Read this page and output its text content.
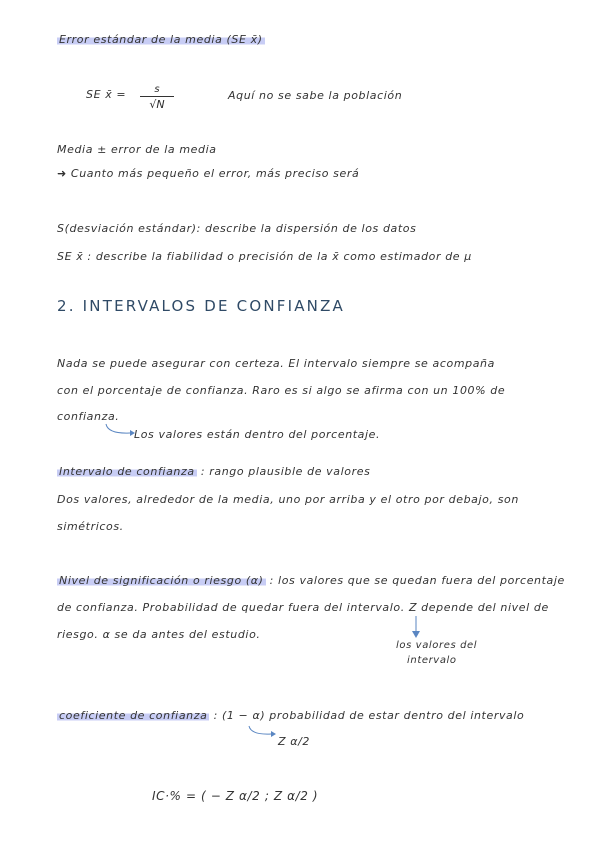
Error estándar de la media (SE x̄)
SE x̄ =	s
√N
Aquí no se sabe la población
Media ± error de la media
➜ Cuanto más pequeño el error, más preciso será
S(desviación estándar): describe la dispersión de los datos
SE x̄ : describe la fiabilidad o precisión de la x̄ como estimador de μ
2. INTERVALOS DE CONFIANZA
Nada se puede asegurar con certeza. El intervalo siempre se acompaña
con el porcentaje de confianza. Raro es si algo se afirma con un 100% de
confianza.
Los valores están dentro del porcentaje.
Intervalo de confianza : rango plausible de valores
Dos valores, alrededor de la media, uno por arriba y el otro por debajo, son
simétricos.
Nivel de significación o riesgo (α) : los valores que se quedan fuera del porcentaje
de confianza. Probabilidad de quedar fuera del intervalo. Z depende del nivel de
riesgo. α se da antes del estudio.
los valores del
intervalo
coeficiente de confianza : (1 − α) probabilidad de estar dentro del intervalo
Z α/2
IC·% = ( − Z α/2 ; Z α/2 )
